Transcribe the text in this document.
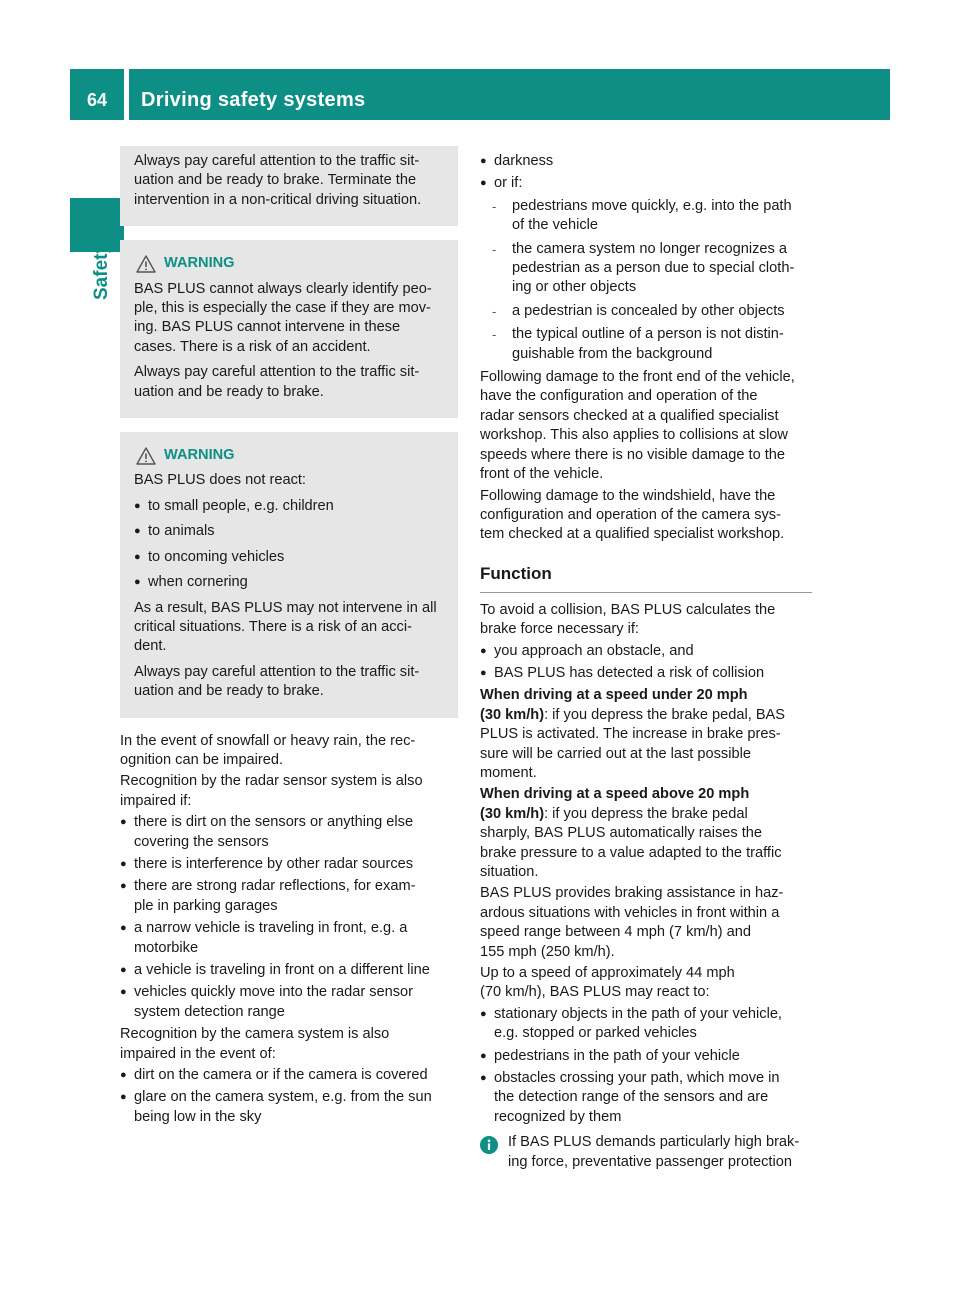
64	Driving safety systems
Safety

Always pay careful attention to the traffic sit-
uation and be ready to brake. Terminate the
intervention in a non-critical driving situation.

WARNING

BAS PLUS cannot always clearly identify peo-
ple, this is especially the case if they are mov-
ing. BAS PLUS cannot intervene in these
cases. There is a risk of an accident.

Always pay careful attention to the traffic sit-
uation and be ready to brake.

WARNING

BAS PLUS does not react:

● to small people, e.g. children
● to animals
● to oncoming vehicles
● when cornering

As a result, BAS PLUS may not intervene in all
critical situations. There is a risk of an acci-
dent.

Always pay careful attention to the traffic sit-
uation and be ready to brake.

In the event of snowfall or heavy rain, the rec-
ognition can be impaired.

Recognition by the radar sensor system is also
impaired if:

● there is dirt on the sensors or anything else
covering the sensors
● there is interference by other radar sources
● there are strong radar reflections, for exam-
ple in parking garages
● a narrow vehicle is traveling in front, e.g. a
motorbike
● a vehicle is traveling in front on a different line
● vehicles quickly move into the radar sensor
system detection range

Recognition by the camera system is also
impaired in the event of:

● dirt on the camera or if the camera is covered
● glare on the camera system, e.g. from the sun
being low in the sky
● darkness
● or if:
- pedestrians move quickly, e.g. into the path
of the vehicle
- the camera system no longer recognizes a
pedestrian as a person due to special cloth-
ing or other objects
- a pedestrian is concealed by other objects
- the typical outline of a person is not distin-
guishable from the background

Following damage to the front end of the vehicle,
have the configuration and operation of the
radar sensors checked at a qualified specialist
workshop. This also applies to collisions at slow
speeds where there is no visible damage to the
front of the vehicle.

Following damage to the windshield, have the
configuration and operation of the camera sys-
tem checked at a qualified specialist workshop.

Function

To avoid a collision, BAS PLUS calculates the
brake force necessary if:

● you approach an obstacle, and
● BAS PLUS has detected a risk of collision

When driving at a speed under 20 mph
(30 km/h): if you depress the brake pedal, BAS
PLUS is activated. The increase in brake pres-
sure will be carried out at the last possible
moment.

When driving at a speed above 20 mph
(30 km/h): if you depress the brake pedal
sharply, BAS PLUS automatically raises the
brake pressure to a value adapted to the traffic
situation.

BAS PLUS provides braking assistance in haz-
ardous situations with vehicles in front within a
speed range between 4 mph (7 km/h) and
155 mph (250 km/h).

Up to a speed of approximately 44 mph
(70 km/h), BAS PLUS may react to:

● stationary objects in the path of your vehicle,
e.g. stopped or parked vehicles
● pedestrians in the path of your vehicle
● obstacles crossing your path, which move in
the detection range of the sensors and are
recognized by them
If BAS PLUS demands particularly high brak-
ing force, preventative passenger protection
